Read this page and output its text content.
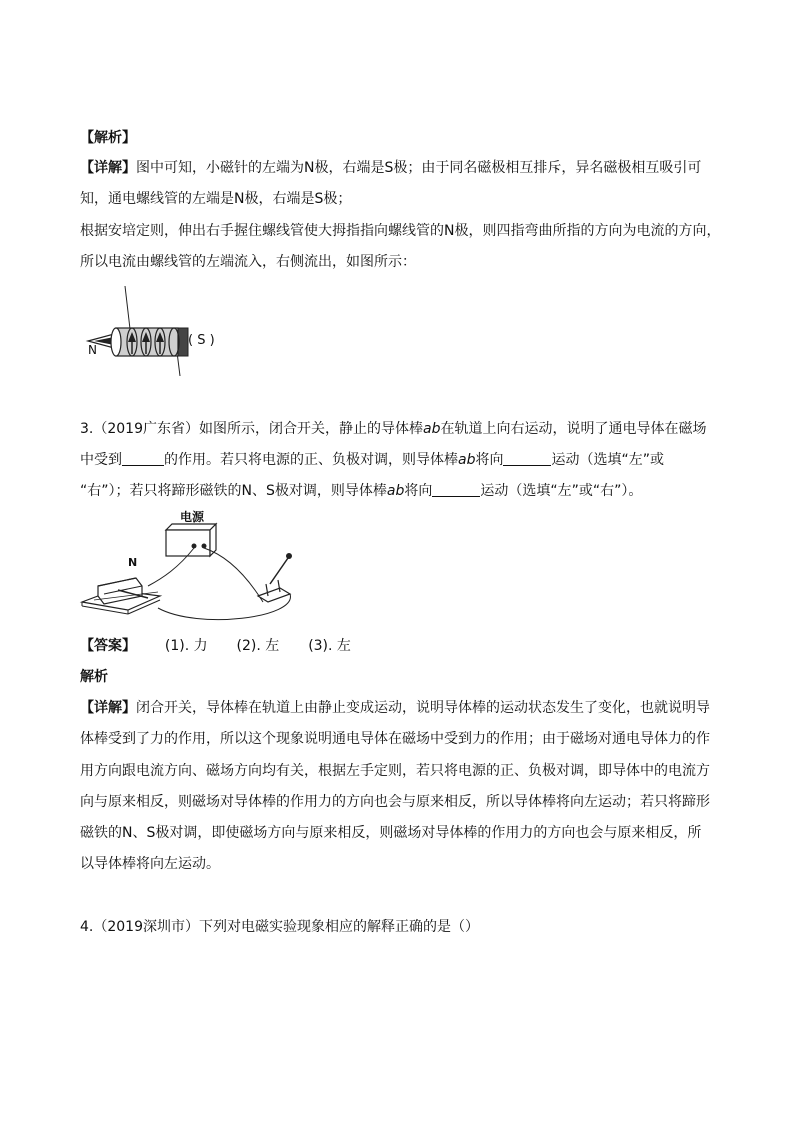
【解析】
【详解】图中可知，小磁针的左端为N极，右端是S极；由于同名磁极相互排斥，异名磁极相互吸引可
知，通电螺线管的左端是N极，右端是S极；
根据安培定则，伸出右手握住螺线管使大拇指指向螺线管的N极，则四指弯曲所指的方向为电流的方向，
所以电流由螺线管的左端流入，右侧流出，如图所示：
N
( S )
3.（2019广东省）如图所示，闭合开关，静止的导体棒ab在轨道上向右运动，说明了通电导体在磁场
中受到	的作用。若只将电源的正、负极对调，则导体棒ab将向	运动（选填“左”或
“右”）；若只将蹄形磁铁的N、S极对调，则导体棒ab将向	运动（选填“左”或“右”）。
电源
N
【答案】 (1). 力 (2). 左 (3). 左
解析
【详解】闭合开关，导体棒在轨道上由静止变成运动，说明导体棒的运动状态发生了变化，也就说明导
体棒受到了力的作用，所以这个现象说明通电导体在磁场中受到力的作用；由于磁场对通电导体力的作
用方向跟电流方向、磁场方向均有关，根据左手定则，若只将电源的正、负极对调，即导体中的电流方
向与原来相反，则磁场对导体棒的作用力的方向也会与原来相反，所以导体棒将向左运动；若只将蹄形
磁铁的N、S极对调，即使磁场方向与原来相反，则磁场对导体棒的作用力的方向也会与原来相反，所
以导体棒将向左运动。
4.（2019深圳市）下列对电磁实验现象相应的解释正确的是（）
